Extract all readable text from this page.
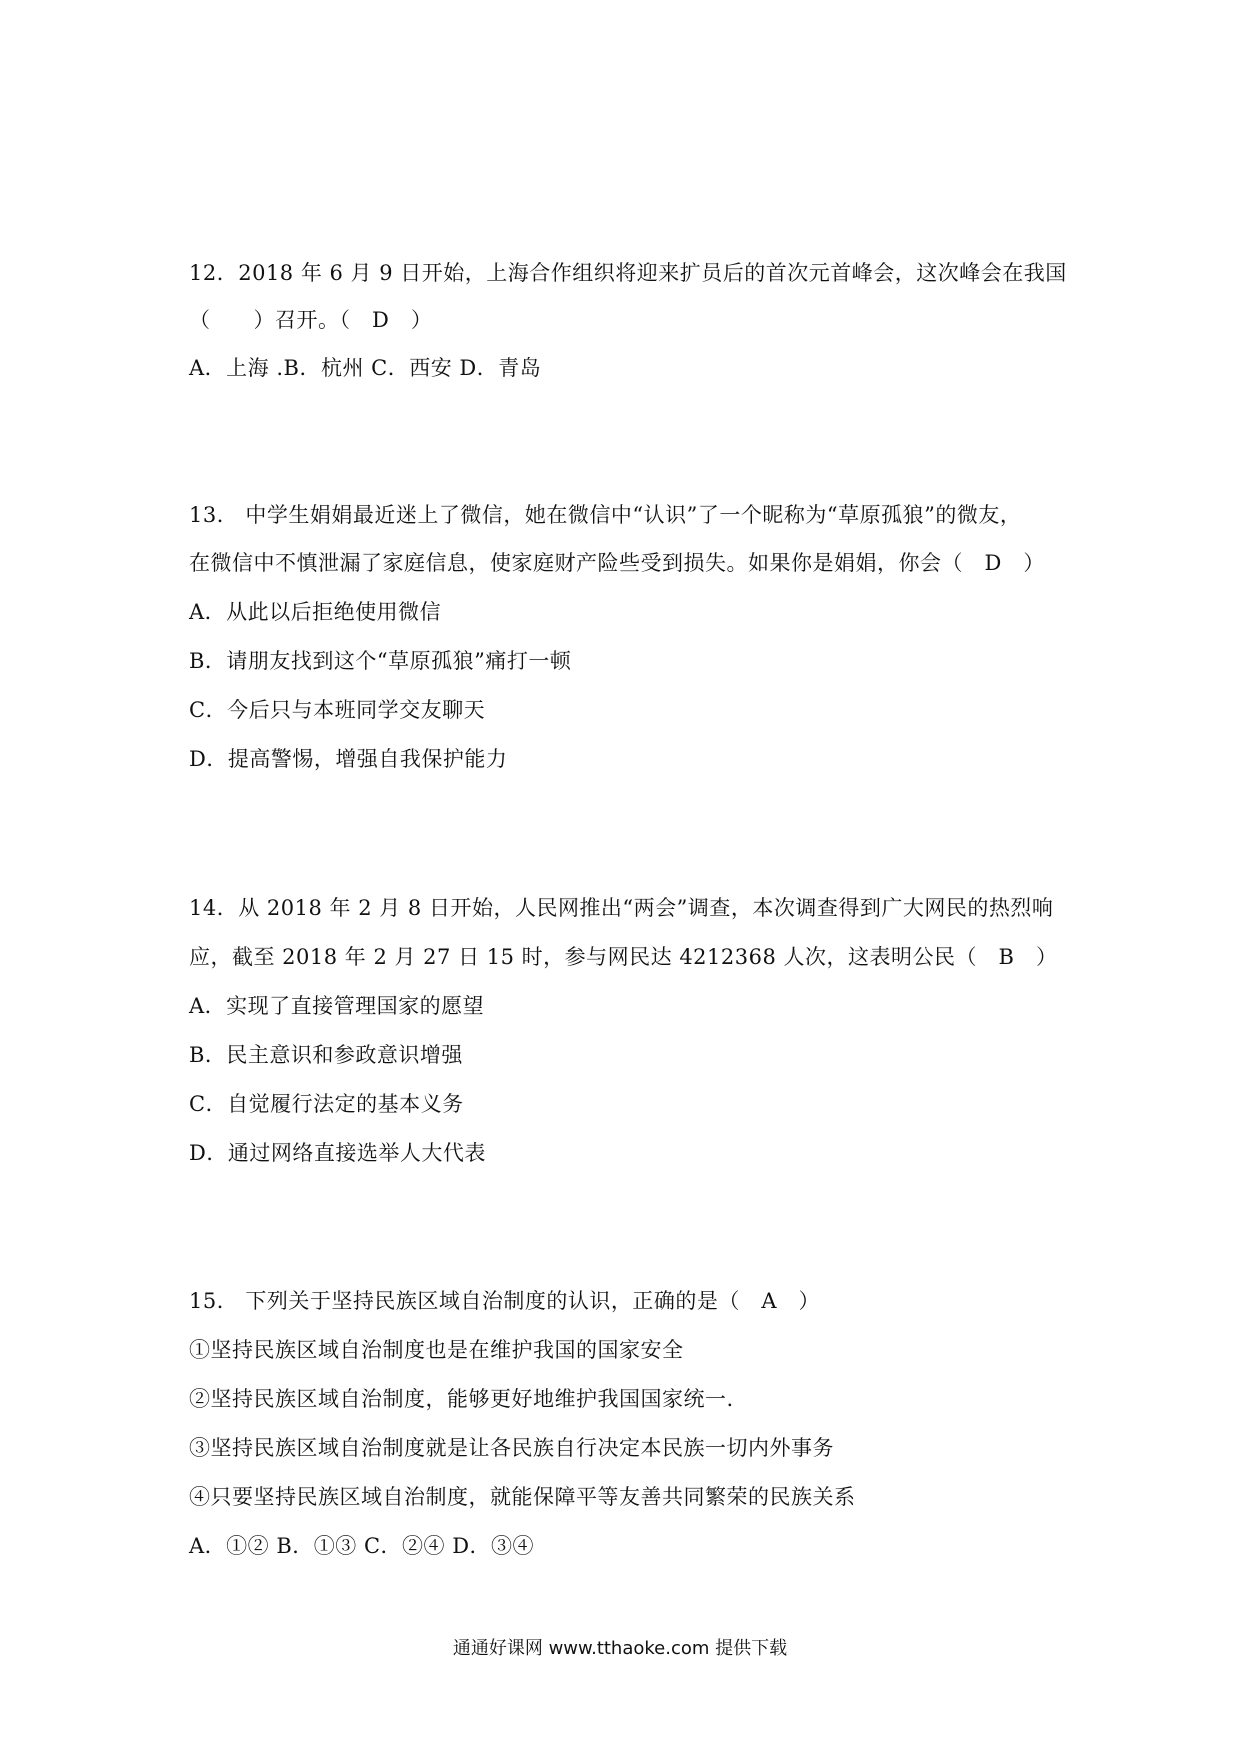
12．2018 年 6 月 9 日开始，上海合作组织将迎来扩员后的首次元首峰会，这次峰会在我国
（　　）召开。（　D　）
A．上海 .B．杭州 C．西安 D．青岛
13． 中学生娟娟最近迷上了微信，她在微信中“认识”了一个昵称为“草原孤狼”的微友，
在微信中不慎泄漏了家庭信息，使家庭财产险些受到损失。如果你是娟娟，你会（　D　）
A．从此以后拒绝使用微信
B．请朋友找到这个“草原孤狼”痛打一顿
C．今后只与本班同学交友聊天
D．提高警惕，增强自我保护能力
14．从 2018 年 2 月 8 日开始，人民网推出“两会”调查，本次调查得到广大网民的热烈响
应，截至 2018 年 2 月 27 日 15 时，参与网民达 4212368 人次，这表明公民（　B　）
A．实现了直接管理国家的愿望
B．民主意识和参政意识增强
C．自觉履行法定的基本义务
D．通过网络直接选举人大代表
15． 下列关于坚持民族区域自治制度的认识，正确的是（　A　）
①坚持民族区域自治制度也是在维护我国的国家安全
②坚持民族区域自治制度，能够更好地维护我国国家统一.
③坚持民族区域自治制度就是让各民族自行决定本民族一切内外事务
④只要坚持民族区域自治制度，就能保障平等友善共同繁荣的民族关系
A．①② B．①③ C．②④ D．③④
通通好课网 www.tthaoke.com 提供下载
